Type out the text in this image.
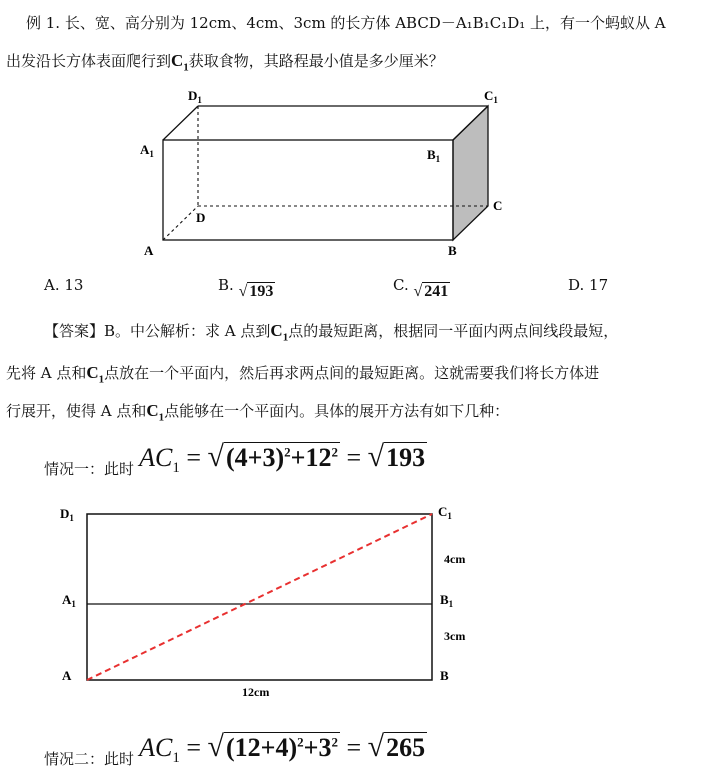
例 1. 长、宽、高分别为 12cm、4cm、3cm 的长方体 ABCD－A₁B₁C₁D₁ 上，有一个蚂蚁从 A
出发沿长方体表面爬行到$C_1$获取食物，其路程最小值是多少厘米？
$D_1$	$C_1$
$A_1$	$B_1$
D
C
A	B
A. 13	B. √ 193	C. √ 241	D. 17
【答案】B。中公解析：求 A 点到$C_1$点的最短距离，根据同一平面内两点间线段最短，
先将 A 点和$C_1$点放在一个平面内，然后再求两点间的最短距离。这就需要我们将长方体进
行展开，使得 A 点和$C_1$点能够在一个平面内。具体的展开方法有如下几种：
情况一：此时 $AC_1 = √(4+3)^2+12^2 = √193$
$D_1$	$C_1$
$A_1$	$B_1$
A	B
4cm
3cm
12cm
情况二：此时 $AC_1 = √(12+4)^2+3^2 = √265$
